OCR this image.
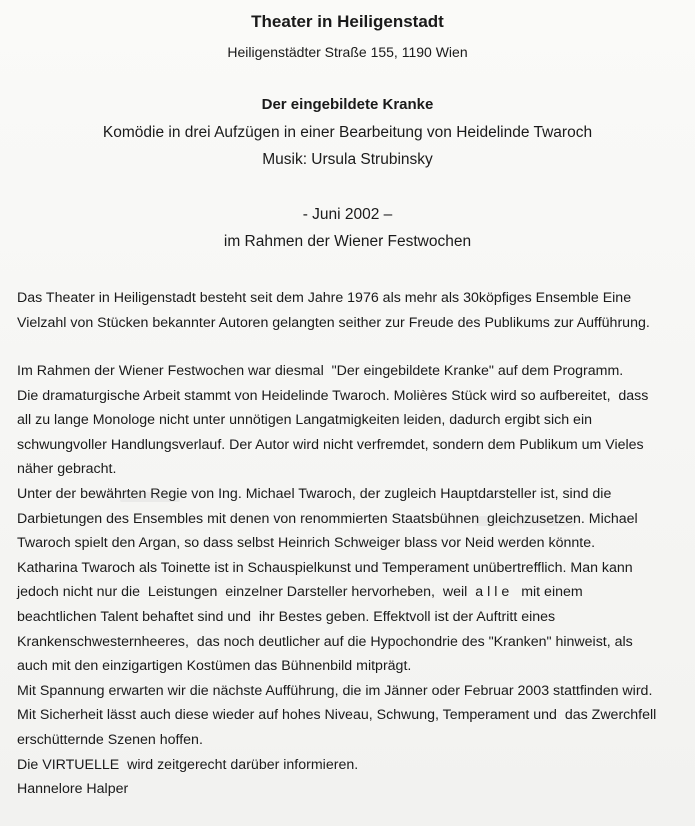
Theater in Heiligenstadt
Heiligenstädter Straße 155, 1190 Wien
Der eingebildete Kranke
Komödie in drei Aufzügen in einer Bearbeitung von Heidelinde Twaroch
Musik: Ursula Strubinsky
- Juni 2002 –
im Rahmen der Wiener Festwochen
Das Theater in Heiligenstadt besteht seit dem Jahre 1976 als mehr als 30köpfiges Ensemble Eine
Vielzahl von Stücken bekannter Autoren gelangten seither zur Freude des Publikums zur Aufführung.
Im Rahmen der Wiener Festwochen war diesmal  "Der eingebildete Kranke" auf dem Programm.
Die dramaturgische Arbeit stammt von Heidelinde Twaroch. Molières Stück wird so aufbereitet,  dass
all zu lange Monologe nicht unter unnötigen Langatmigkeiten leiden, dadurch ergibt sich ein
schwungvoller Handlungsverlauf. Der Autor wird nicht verfremdet, sondern dem Publikum um Vieles
näher gebracht.
Unter der bewährten Regie von Ing. Michael Twaroch, der zugleich Hauptdarsteller ist, sind die
Darbietungen des Ensembles mit denen von renommierten Staatsbühnen  gleichzusetzen. Michael
Twaroch spielt den Argan, so dass selbst Heinrich Schweiger blass vor Neid werden könnte.
Katharina Twaroch als Toinette ist in Schauspielkunst und Temperament unübertrefflich. Man kann
jedoch nicht nur die  Leistungen  einzelner Darsteller hervorheben,  weil  alle  mit einem
beachtlichen Talent behaftet sind und  ihr Bestes geben. Effektvoll ist der Auftritt eines
Krankenschwesternheeres,  das noch deutlicher auf die Hypochondrie des "Kranken" hinweist, als
auch mit den einzigartigen Kostümen das Bühnenbild mitprägt.
Mit Spannung erwarten wir die nächste Aufführung, die im Jänner oder Februar 2003 stattfinden wird.
Mit Sicherheit lässt auch diese wieder auf hohes Niveau, Schwung, Temperament und  das Zwerchfell
erschütternde Szenen hoffen.
Die VIRTUELLE  wird zeitgerecht darüber informieren.
Hannelore Halper
